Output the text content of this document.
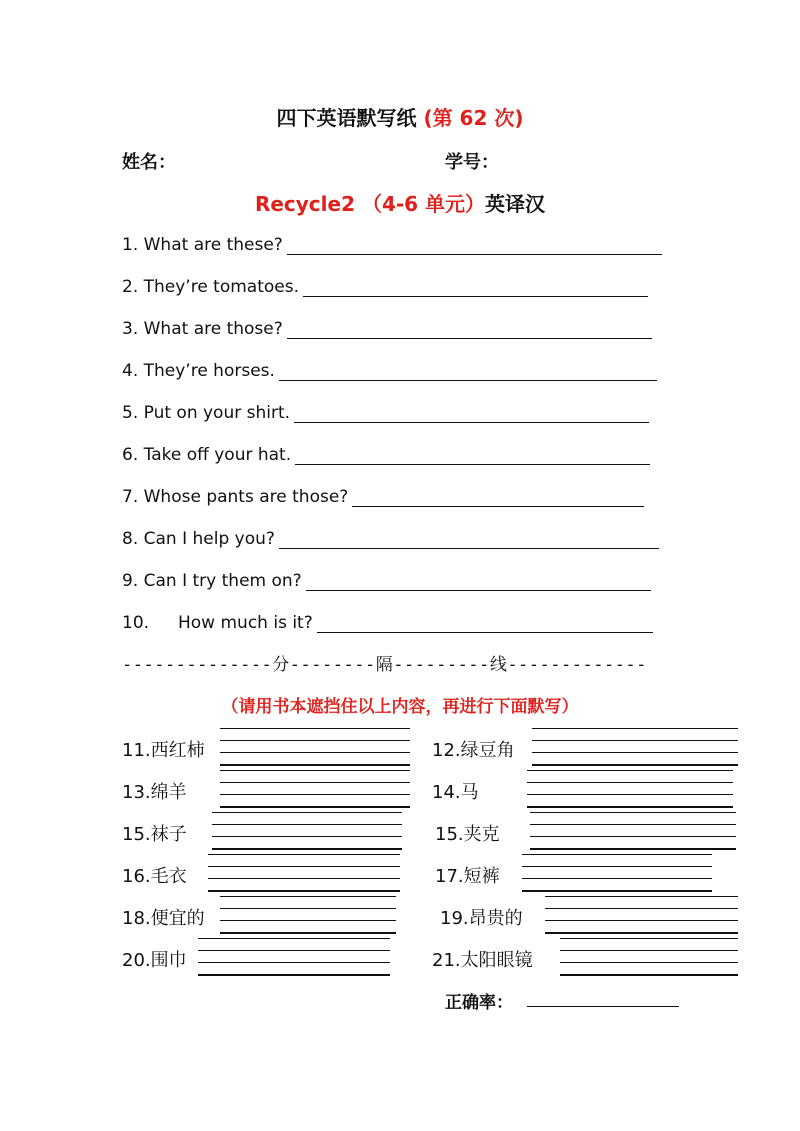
四下英语默写纸 (第 62 次)
姓名：	学号：
Recycle2 （4-6 单元）英译汉
1. What are these?
2. They’re tomatoes.
3. What are those?
4. They’re horses.
5. Put on your shirt.
6. Take off your hat.
7. Whose pants are those?
8. Can I help you?
9. Can I try them on?
10.	How much is it?
--------------分--------隔---------线-------------
（请用书本遮挡住以上内容，再进行下面默写）
11.西红柿
13.绵羊
15.袜子
16.毛衣
18.便宜的
20.围巾
12.绿豆角
14.马
15.夹克
17.短裤
19.昂贵的
21.太阳眼镜
正确率：
